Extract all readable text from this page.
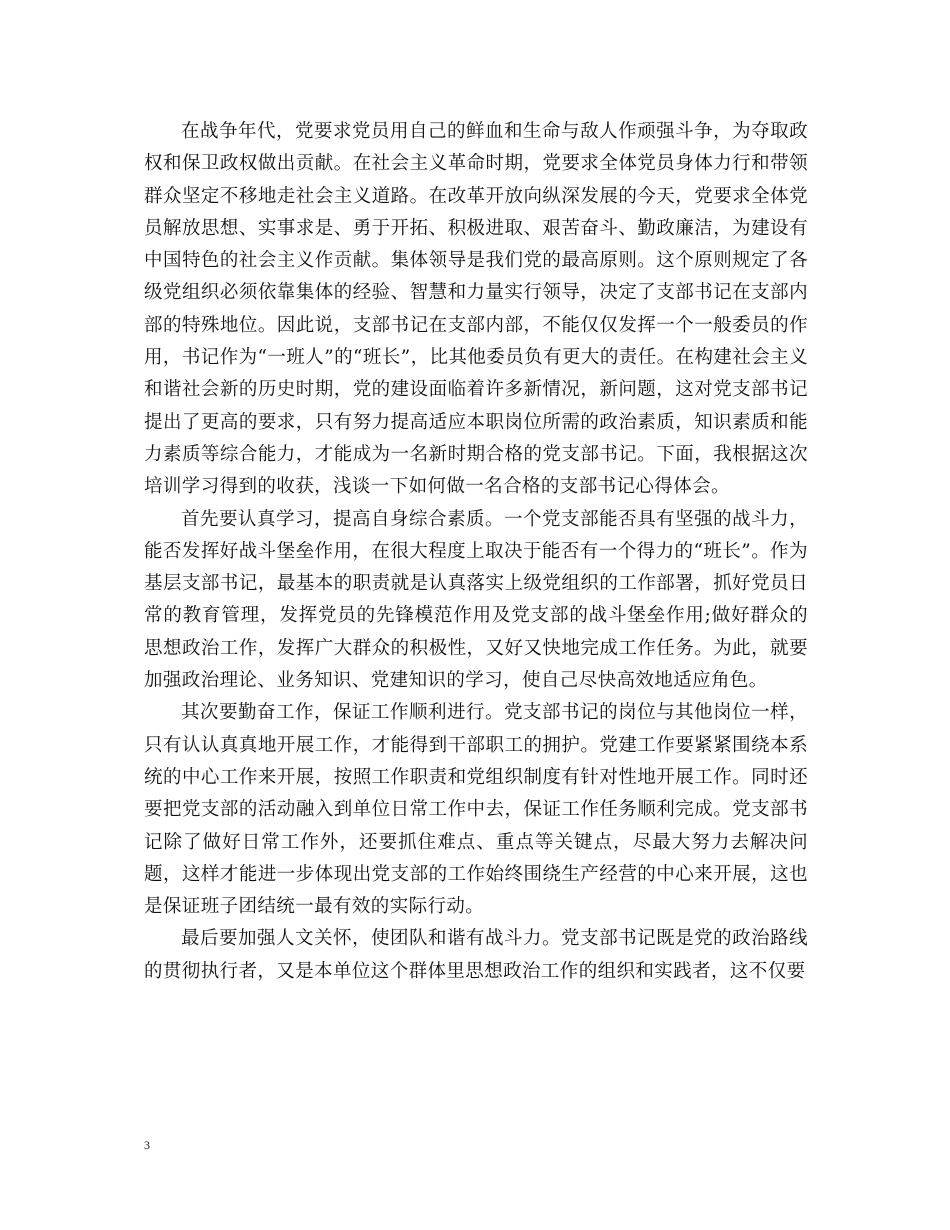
在战争年代，党要求党员用自己的鲜血和生命与敌人作顽强斗争，为夺取政权和保卫政权做出贡献。在社会主义革命时期，党要求全体党员身体力行和带领群众坚定不移地走社会主义道路。在改革开放向纵深发展的今天，党要求全体党员解放思想、实事求是、勇于开拓、积极进取、艰苦奋斗、勤政廉洁，为建设有中国特色的社会主义作贡献。集体领导是我们党的最高原则。这个原则规定了各级党组织必须依靠集体的经验、智慧和力量实行领导，决定了支部书记在支部内部的特殊地位。因此说，支部书记在支部内部，不能仅仅发挥一个一般委员的作用，书记作为“一班人”的“班长”，比其他委员负有更大的责任。在构建社会主义和谐社会新的历史时期，党的建设面临着许多新情况，新问题，这对党支部书记提出了更高的要求，只有努力提高适应本职岗位所需的政治素质，知识素质和能力素质等综合能力，才能成为一名新时期合格的党支部书记。下面，我根据这次培训学习得到的收获，浅谈一下如何做一名合格的支部书记心得体会。

首先要认真学习，提高自身综合素质。一个党支部能否具有坚强的战斗力，能否发挥好战斗堡垒作用，在很大程度上取决于能否有一个得力的“班长”。作为基层支部书记，最基本的职责就是认真落实上级党组织的工作部署，抓好党员日常的教育管理，发挥党员的先锋模范作用及党支部的战斗堡垒作用;做好群众的思想政治工作，发挥广大群众的积极性，又好又快地完成工作任务。为此，就要加强政治理论、业务知识、党建知识的学习，使自己尽快高效地适应角色。

其次要勤奋工作，保证工作顺利进行。党支部书记的岗位与其他岗位一样，只有认认真真地开展工作，才能得到干部职工的拥护。党建工作要紧紧围绕本系统的中心工作来开展，按照工作职责和党组织制度有针对性地开展工作。同时还要把党支部的活动融入到单位日常工作中去，保证工作任务顺利完成。党支部书记除了做好日常工作外，还要抓住难点、重点等关键点，尽最大努力去解决问题，这样才能进一步体现出党支部的工作始终围绕生产经营的中心来开展，这也是保证班子团结统一最有效的实际行动。

最后要加强人文关怀，使团队和谐有战斗力。党支部书记既是党的政治路线的贯彻执行者，又是本单位这个群体里思想政治工作的组织和实践者，这不仅要

3
